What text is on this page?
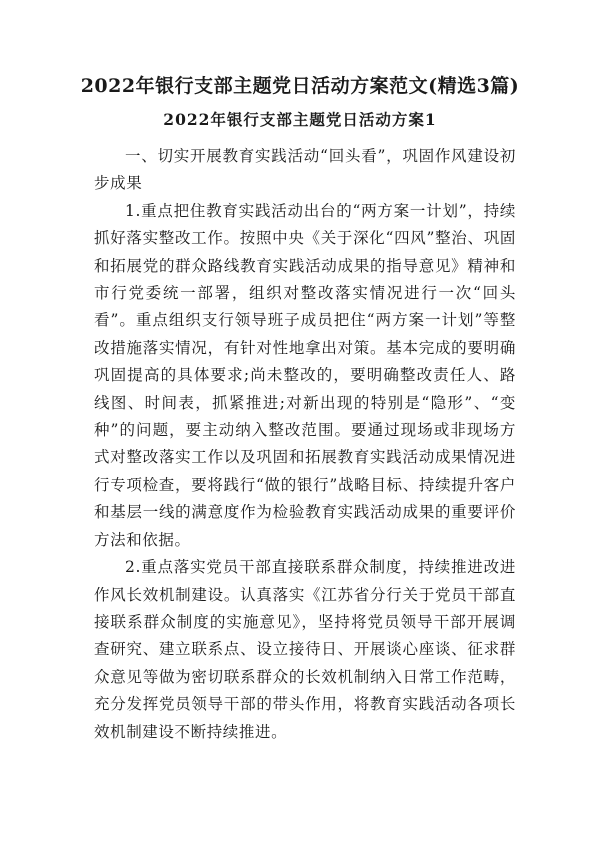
2022年银行支部主题党日活动方案范文(精选3篇)
2022年银行支部主题党日活动方案1

一、切实开展教育实践活动“回头看”，巩固作风建设初步成果

1.重点把住教育实践活动出台的“两方案一计划”，持续抓好落实整改工作。按照中央《关于深化“四风”整治、巩固和拓展党的群众路线教育实践活动成果的指导意见》精神和市行党委统一部署，组织对整改落实情况进行一次“回头看”。重点组织支行领导班子成员把住“两方案一计划”等整改措施落实情况，有针对性地拿出对策。基本完成的要明确巩固提高的具体要求;尚未整改的，要明确整改责任人、路线图、时间表，抓紧推进;对新出现的特别是“隐形”、“变种”的问题，要主动纳入整改范围。要通过现场或非现场方式对整改落实工作以及巩固和拓展教育实践活动成果情况进行专项检查，要将践行“做的银行”战略目标、持续提升客户和基层一线的满意度作为检验教育实践活动成果的重要评价方法和依据。

2.重点落实党员干部直接联系群众制度，持续推进改进作风长效机制建设。认真落实《江苏省分行关于党员干部直接联系群众制度的实施意见》，坚持将党员领导干部开展调查研究、建立联系点、设立接待日、开展谈心座谈、征求群众意见等做为密切联系群众的长效机制纳入日常工作范畴，充分发挥党员领导干部的带头作用，将教育实践活动各项长效机制建设不断持续推进。
